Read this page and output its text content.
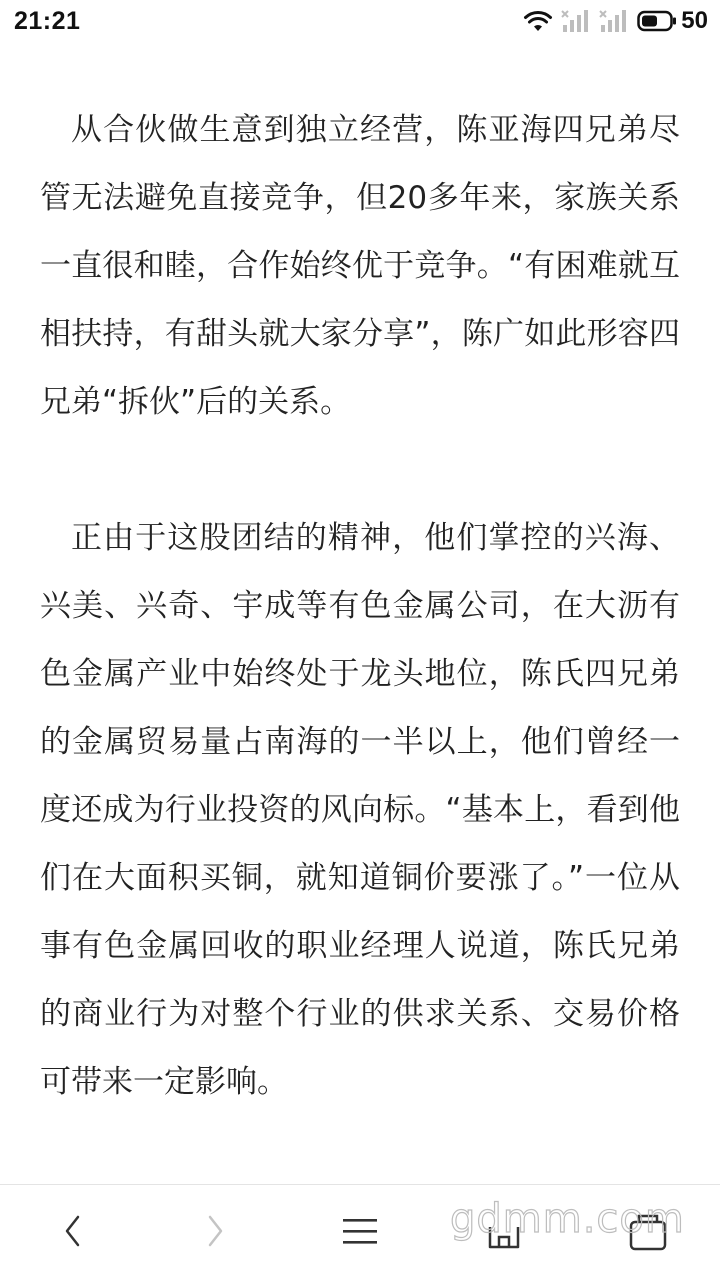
21:21	50

从合伙做生意到独立经营，陈亚海四兄弟尽管无法避免直接竞争，但20多年来，家族关系一直很和睦，合作始终优于竞争。“有困难就互相扶持，有甜头就大家分享”，陈广如此形容四兄弟“拆伙”后的关系。

正由于这股团结的精神，他们掌控的兴海、兴美、兴奇、宇成等有色金属公司，在大沥有色金属产业中始终处于龙头地位，陈氏四兄弟的金属贸易量占南海的一半以上，他们曾经一度还成为行业投资的风向标。“基本上，看到他们在大面积买铜，就知道铜价要涨了。”一位从事有色金属回收的职业经理人说道，陈氏兄弟的商业行为对整个行业的供求关系、交易价格可带来一定影响。
